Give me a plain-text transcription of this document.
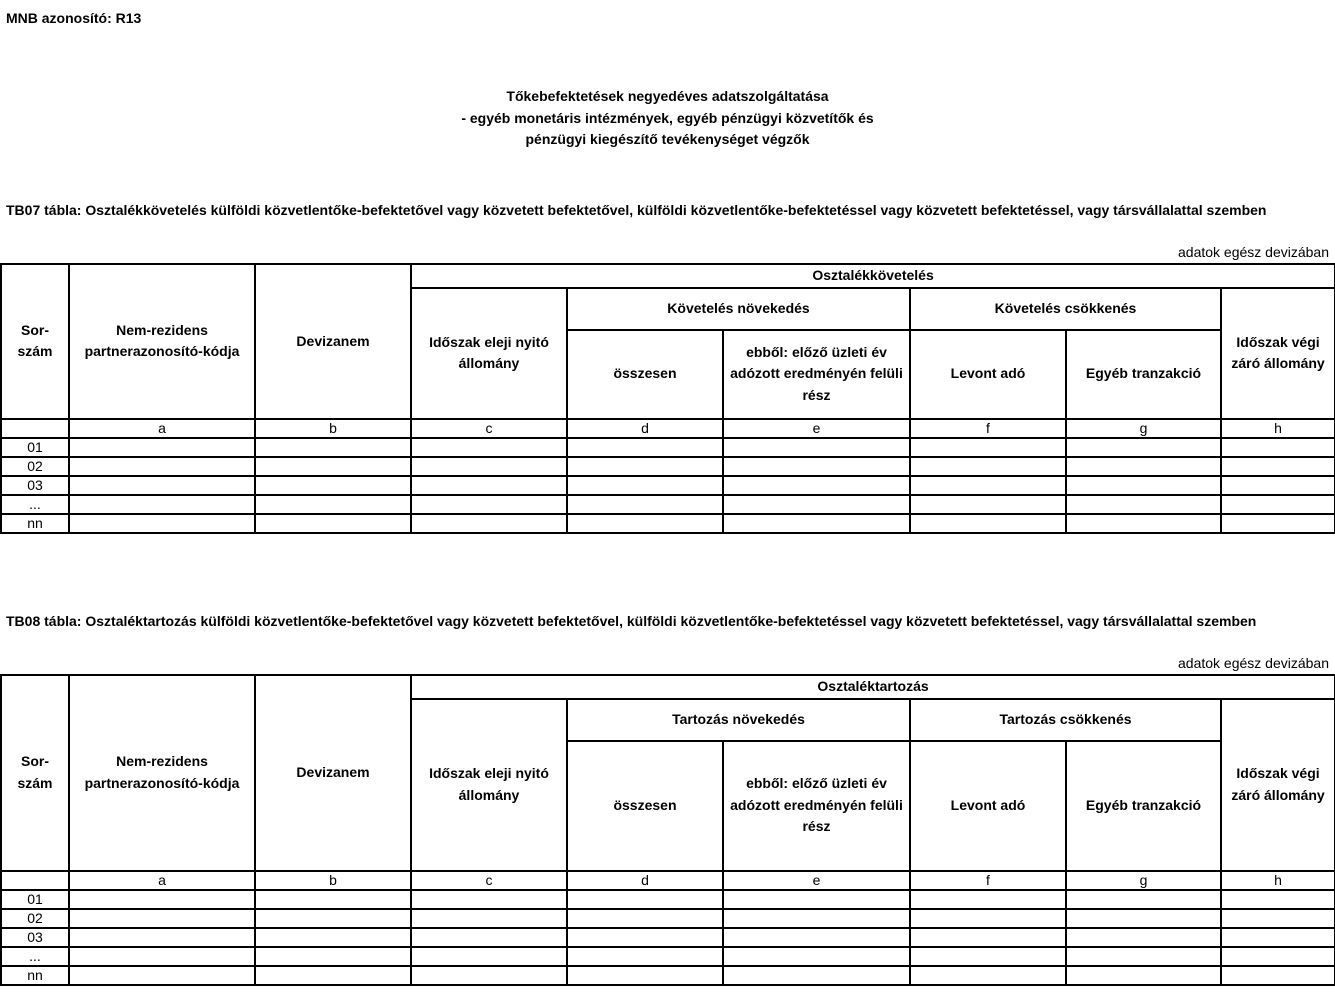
MNB azonosító: R13
Tőkebefektetések negyedéves adatszolgáltatása
- egyéb monetáris intézmények, egyéb pénzügyi közvetítők és
pénzügyi kiegészítő tevékenységet végzők
TB07 tábla: Osztalékkövetelés külföldi közvetlentőke-befektetővel vagy közvetett befektetővel, külföldi közvetlentőke-befektetéssel vagy közvetett befektetéssel, vagy társvállalattal szemben
adatok egész devizában
Sor-szám	Nem-rezidens partnerazonosító-kódja	Devizanem	Osztalékkövetelés					
			Időszak eleji nyitó állomány	Követelés növekedés		Követelés csökkenés		Időszak végi záró állomány
				összesen	ebből: előző üzleti év adózott eredményén felüli rész	Levont adó	Egyéb tranzakció	
	a	b	c	d	e	f	g	h
01								
02								
03								
...								
nn								
TB08 tábla: Osztaléktartozás külföldi közvetlentőke-befektetővel vagy közvetett befektetővel, külföldi közvetlentőke-befektetéssel vagy közvetett befektetéssel, vagy társvállalattal szemben
adatok egész devizában
Sor-szám	Nem-rezidens partnerazonosító-kódja	Devizanem	Osztaléktartozás					
			Időszak eleji nyitó állomány	Tartozás növekedés		Tartozás csökkenés		Időszak végi záró állomány
				összesen	ebből: előző üzleti év adózott eredményén felüli rész	Levont adó	Egyéb tranzakció	
	a	b	c	d	e	f	g	h
01								
02								
03								
...								
nn								
